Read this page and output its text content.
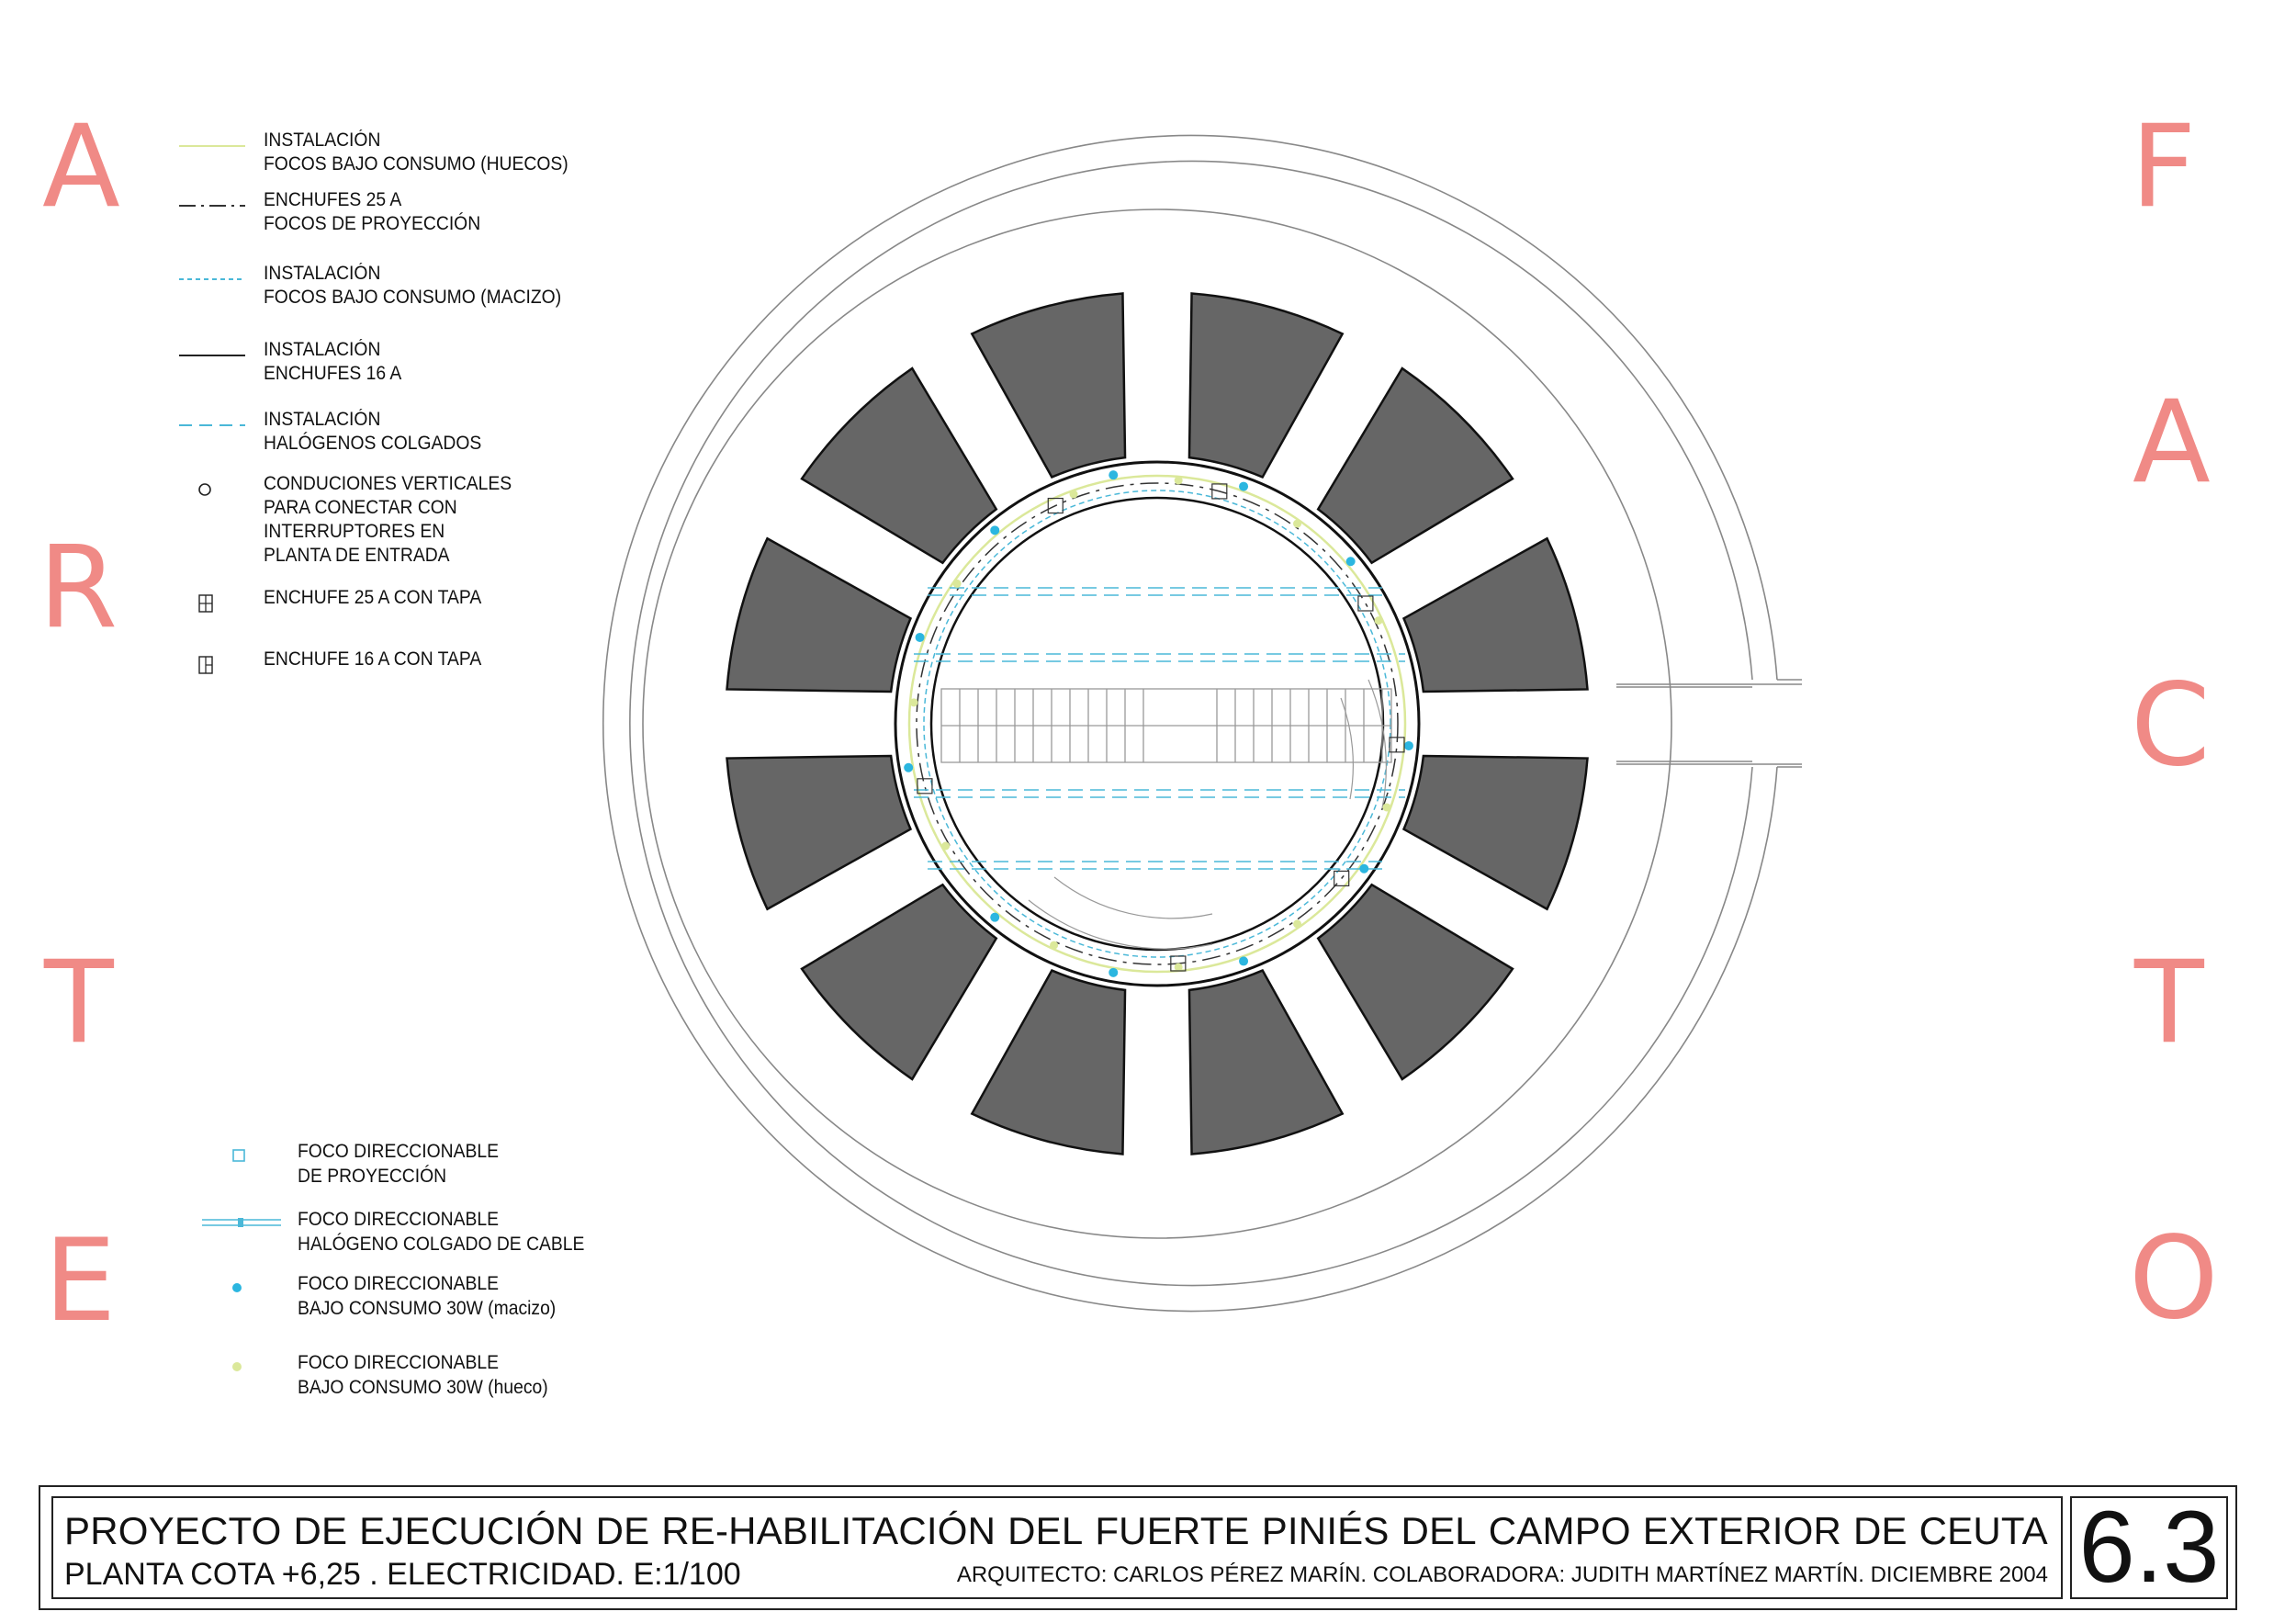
A
R
T
E
F
A
C
T
O
INSTALACIÓN
FOCOS BAJO CONSUMO (HUECOS)
ENCHUFES 25 A
FOCOS DE PROYECCIÓN
INSTALACIÓN
FOCOS BAJO CONSUMO (MACIZO)
INSTALACIÓN
ENCHUFES 16 A
INSTALACIÓN
HALÓGENOS COLGADOS
CONDUCIONES VERTICALES
PARA CONECTAR CON
INTERRUPTORES EN
PLANTA DE ENTRADA
ENCHUFE 25 A CON TAPA
ENCHUFE 16 A CON TAPA
FOCO DIRECCIONABLE
DE PROYECCIÓN
FOCO DIRECCIONABLE
HALÓGENO COLGADO DE CABLE
FOCO DIRECCIONABLE
BAJO CONSUMO 30W (macizo)
FOCO DIRECCIONABLE
BAJO CONSUMO 30W (hueco)
PROYECTO DE EJECUCIÓN DE RE-HABILITACIÓN DEL FUERTE PINIÉS DEL CAMPO EXTERIOR DE CEUTA
PLANTA COTA +6,25 . ELECTRICIDAD. E:1/100	ARQUITECTO: CARLOS PÉREZ MARÍN. COLABORADORA: JUDITH MARTÍNEZ MARTÍN. DICIEMBRE 2004 6.3
